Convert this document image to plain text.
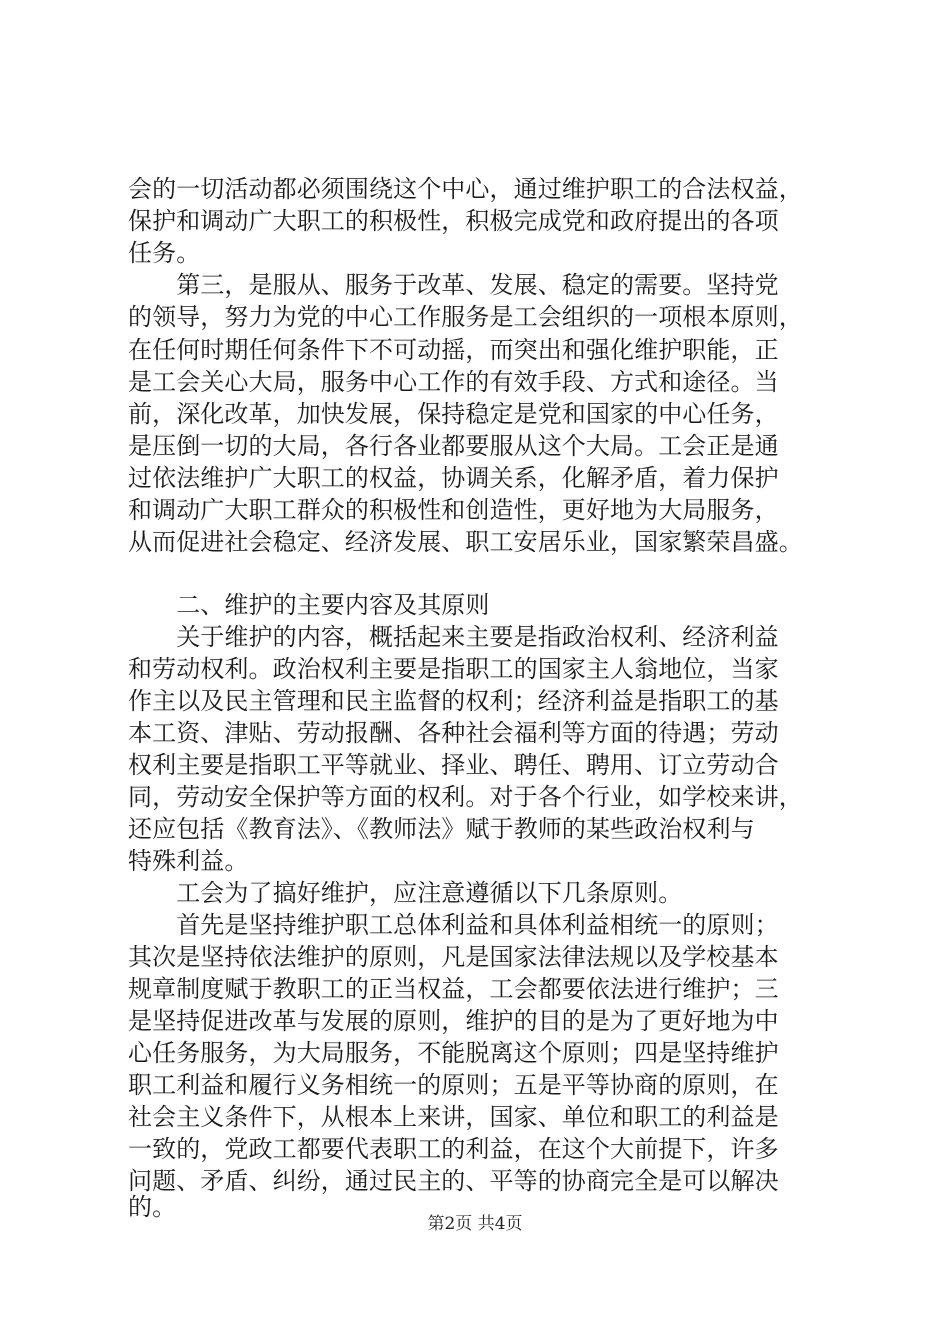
会的一切活动都必须围绕这个中心，通过维护职工的合法权益，
保护和调动广大职工的积极性，积极完成党和政府提出的各项
任务。
　　第三，是服从、服务于改革、发展、稳定的需要。坚持党
的领导，努力为党的中心工作服务是工会组织的一项根本原则，
在任何时期任何条件下不可动摇，而突出和强化维护职能，正
是工会关心大局，服务中心工作的有效手段、方式和途径。当
前，深化改革，加快发展，保持稳定是党和国家的中心任务，
是压倒一切的大局，各行各业都要服从这个大局。工会正是通
过依法维护广大职工的权益，协调关系，化解矛盾，着力保护
和调动广大职工群众的积极性和创造性，更好地为大局服务，
从而促进社会稳定、经济发展、职工安居乐业，国家繁荣昌盛。
　　二、维护的主要内容及其原则
　　关于维护的内容，概括起来主要是指政治权利、经济利益
和劳动权利。政治权利主要是指职工的国家主人翁地位，当家
作主以及民主管理和民主监督的权利；经济利益是指职工的基
本工资、津贴、劳动报酬、各种社会福利等方面的待遇；劳动
权利主要是指职工平等就业、择业、聘任、聘用、订立劳动合
同，劳动安全保护等方面的权利。对于各个行业，如学校来讲，
还应包括《教育法》、《教师法》赋于教师的某些政治权利与
特殊利益。
　　工会为了搞好维护，应注意遵循以下几条原则。
　　首先是坚持维护职工总体利益和具体利益相统一的原则；
其次是坚持依法维护的原则，凡是国家法律法规以及学校基本
规章制度赋于教职工的正当权益，工会都要依法进行维护；三
是坚持促进改革与发展的原则，维护的目的是为了更好地为中
心任务服务，为大局服务，不能脱离这个原则；四是坚持维护
职工利益和履行义务相统一的原则；五是平等协商的原则，在
社会主义条件下，从根本上来讲，国家、单位和职工的利益是
一致的，党政工都要代表职工的利益，在这个大前提下，许多
问题、矛盾、纠纷，通过民主的、平等的协商完全是可以解决
的。
第2页 共4页
